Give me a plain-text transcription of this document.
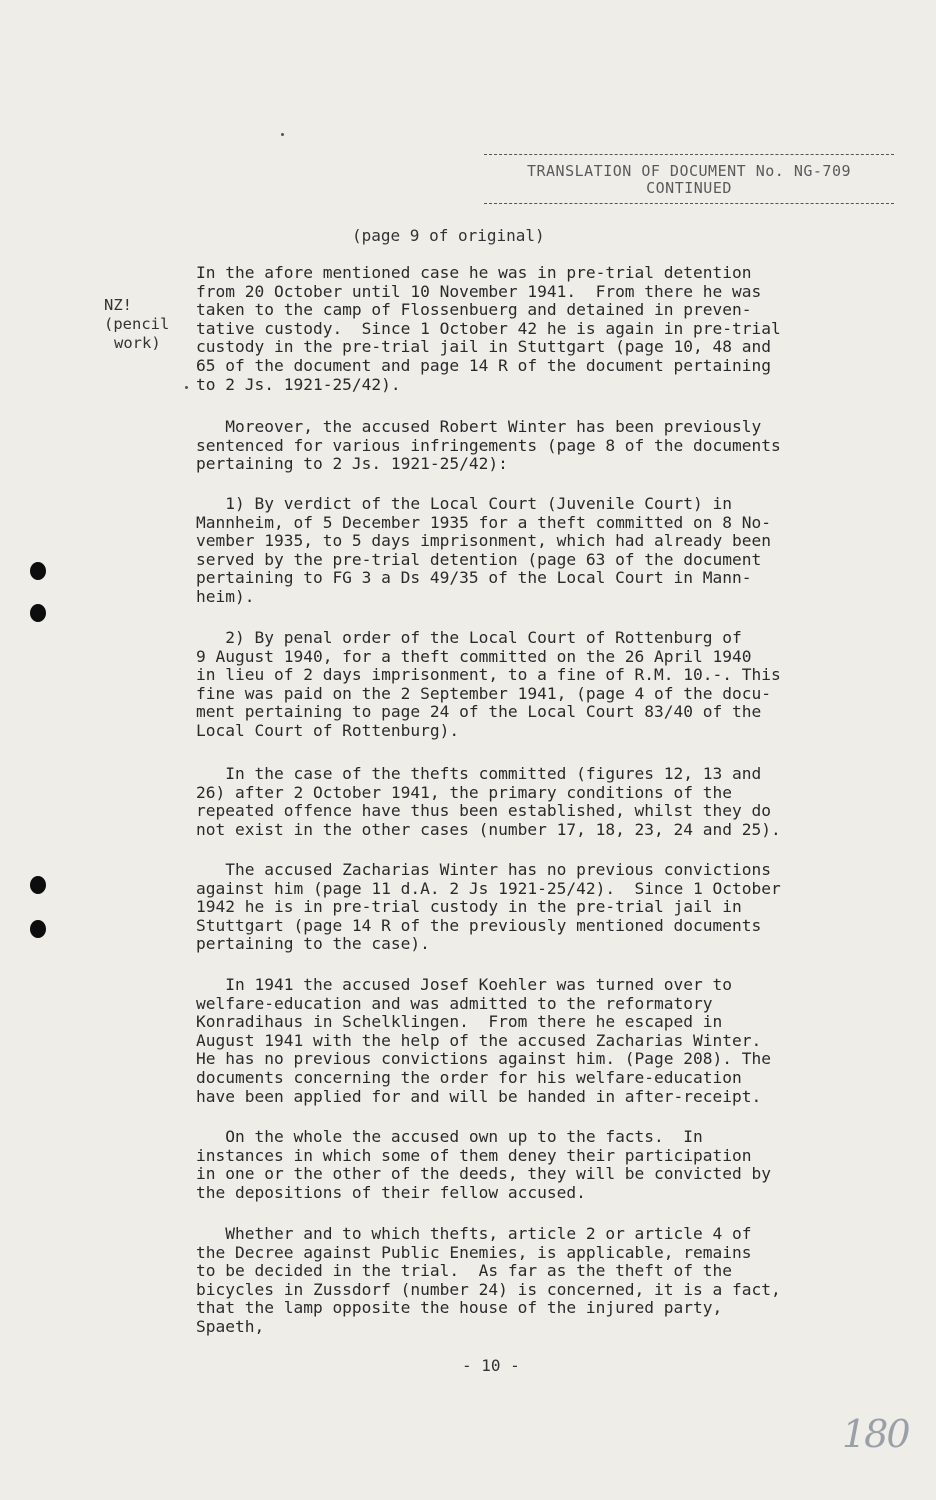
TRANSLATION OF DOCUMENT No. NG-709
CONTINUED
(page 9 of original)
NZ!
(pencil
work)
In the afore mentioned case he was in pre-trial detention
from 20 October until 10 November 1941.  From there he was
taken to the camp of Flossenbuerg and detained in preven-
tative custody.  Since 1 October 42 he is again in pre-trial
custody in the pre-trial jail in Stuttgart (page 10, 48 and
65 of the document and page 14 R of the document pertaining
to 2 Js. 1921-25/42).
Moreover, the accused Robert Winter has been previously
sentenced for various infringements (page 8 of the documents
pertaining to 2 Js. 1921-25/42):
1) By verdict of the Local Court (Juvenile Court) in
Mannheim, of 5 December 1935 for a theft committed on 8 No-
vember 1935, to 5 days imprisonment, which had already been
served by the pre-trial detention (page 63 of the document
pertaining to FG 3 a Ds 49/35 of the Local Court in Mann-
heim).
2) By penal order of the Local Court of Rottenburg of
9 August 1940, for a theft committed on the 26 April 1940
in lieu of 2 days imprisonment, to a fine of R.M. 10.-. This
fine was paid on the 2 September 1941, (page 4 of the docu-
ment pertaining to page 24 of the Local Court 83/40 of the
Local Court of Rottenburg).
In the case of the thefts committed (figures 12, 13 and
26) after 2 October 1941, the primary conditions of the
repeated offence have thus been established, whilst they do
not exist in the other cases (number 17, 18, 23, 24 and 25).
The accused Zacharias Winter has no previous convictions
against him (page 11 d.A. 2 Js 1921-25/42).  Since 1 October
1942 he is in pre-trial custody in the pre-trial jail in
Stuttgart (page 14 R of the previously mentioned documents
pertaining to the case).
In 1941 the accused Josef Koehler was turned over to
welfare-education and was admitted to the reformatory
Konradihaus in Schelklingen.  From there he escaped in
August 1941 with the help of the accused Zacharias Winter.
He has no previous convictions against him. (Page 208). The
documents concerning the order for his welfare-education
have been applied for and will be handed in after-receipt.
On the whole the accused own up to the facts.  In
instances in which some of them deney their participation
in one or the other of the deeds, they will be convicted by
the depositions of their fellow accused.
Whether and to which thefts, article 2 or article 4 of
the Decree against Public Enemies, is applicable, remains
to be decided in the trial.  As far as the theft of the
bicycles in Zussdorf (number 24) is concerned, it is a fact,
that the lamp opposite the house of the injured party,
Spaeth,
- 10 -
180
